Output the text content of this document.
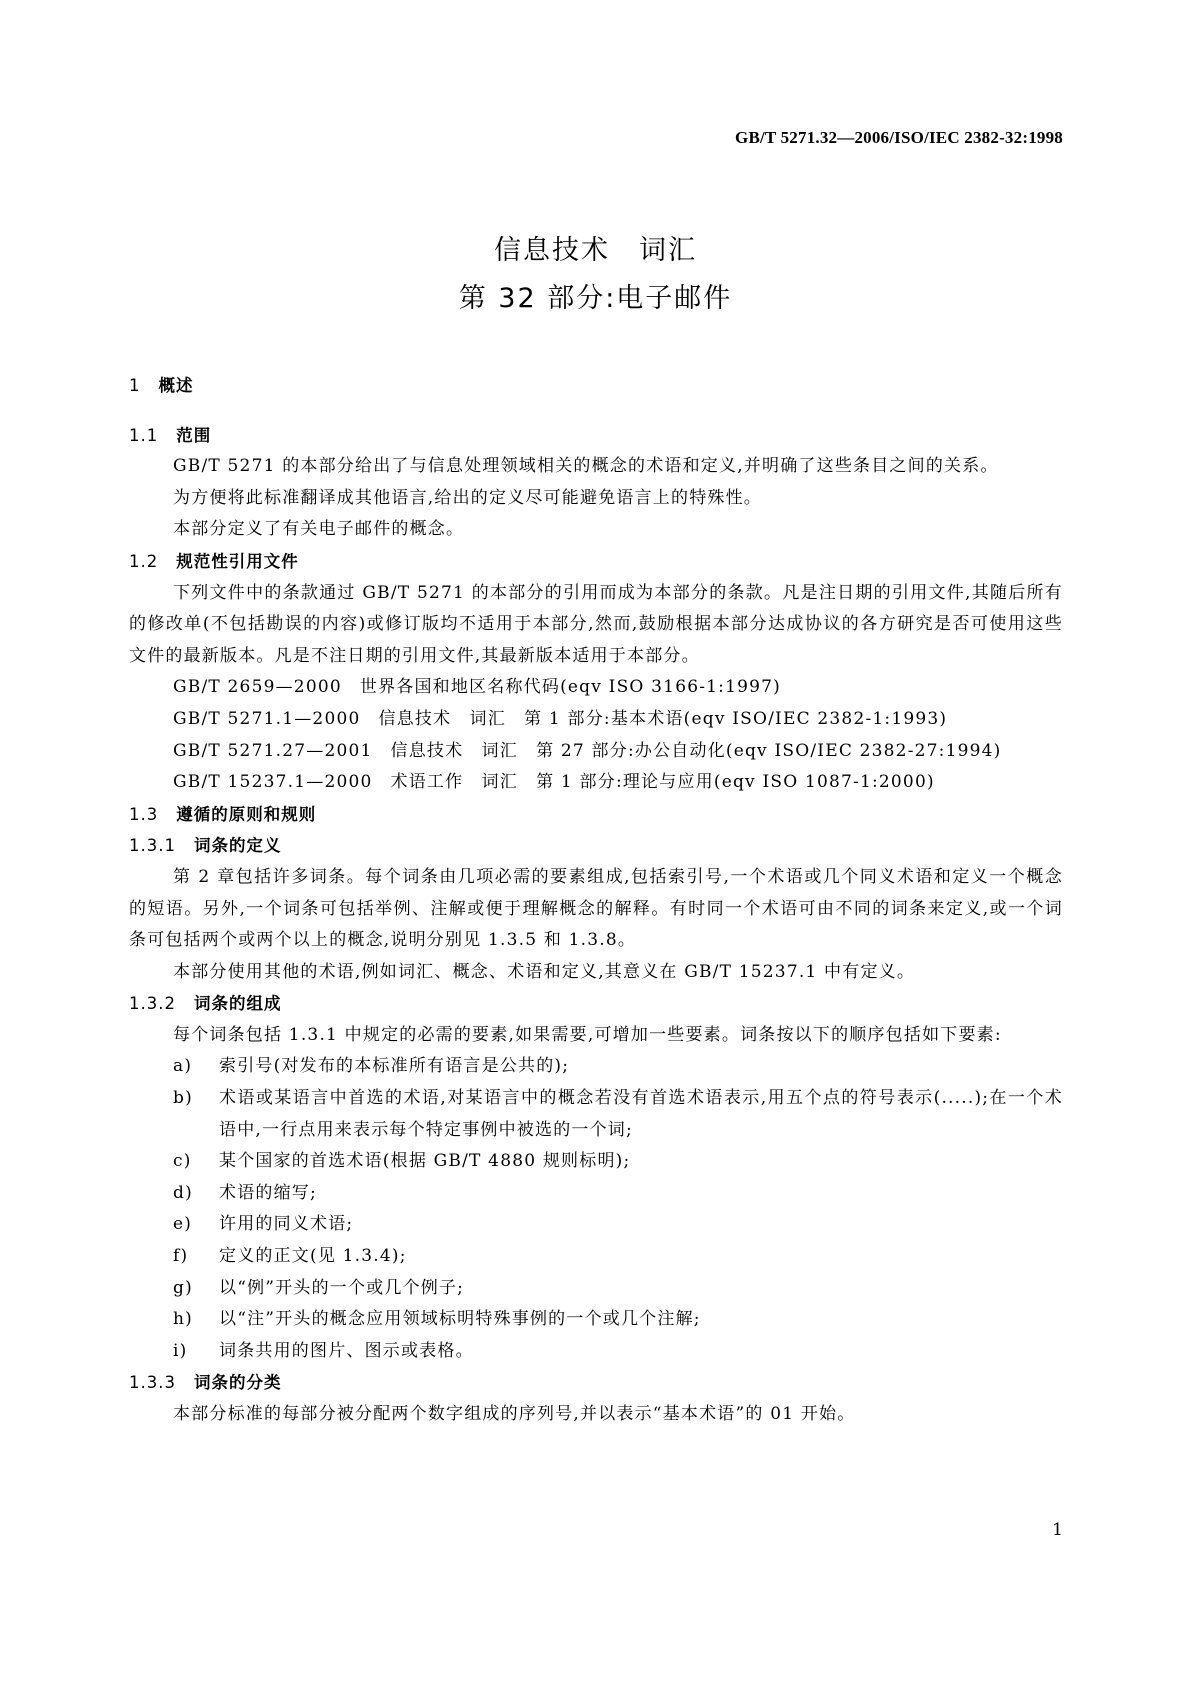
GB/T 5271.32—2006/ISO/IEC 2382-32:1998
信息技术　词汇
第 32 部分:电子邮件
1 概述
1.1 范围
GB/T 5271 的本部分给出了与信息处理领域相关的概念的术语和定义,并明确了这些条目之间的关系。
为方便将此标准翻译成其他语言,给出的定义尽可能避免语言上的特殊性。
本部分定义了有关电子邮件的概念。
1.2 规范性引用文件
下列文件中的条款通过 GB/T 5271 的本部分的引用而成为本部分的条款。凡是注日期的引用文件,其随后所有的修改单(不包括勘误的内容)或修订版均不适用于本部分,然而,鼓励根据本部分达成协议的各方研究是否可使用这些文件的最新版本。凡是不注日期的引用文件,其最新版本适用于本部分。
GB/T 2659—2000 世界各国和地区名称代码(eqv ISO 3166-1:1997)
GB/T 5271.1—2000 信息技术　词汇　第 1 部分:基本术语(eqv ISO/IEC 2382-1:1993)
GB/T 5271.27—2001 信息技术　词汇　第 27 部分:办公自动化(eqv ISO/IEC 2382-27:1994)
GB/T 15237.1—2000 术语工作　词汇　第 1 部分:理论与应用(eqv ISO 1087-1:2000)
1.3 遵循的原则和规则
1.3.1 词条的定义
第 2 章包括许多词条。每个词条由几项必需的要素组成,包括索引号,一个术语或几个同义术语和定义一个概念的短语。另外,一个词条可包括举例、注解或便于理解概念的解释。有时同一个术语可由不同的词条来定义,或一个词条可包括两个或两个以上的概念,说明分别见 1.3.5 和 1.3.8。
本部分使用其他的术语,例如词汇、概念、术语和定义,其意义在 GB/T 15237.1 中有定义。
1.3.2 词条的组成
每个词条包括 1.3.1 中规定的必需的要素,如果需要,可增加一些要素。词条按以下的顺序包括如下要素:
a) 索引号(对发布的本标准所有语言是公共的);
b) 术语或某语言中首选的术语,对某语言中的概念若没有首选术语表示,用五个点的符号表示(.....);在一个术语中,一行点用来表示每个特定事例中被选的一个词;
c) 某个国家的首选术语(根据 GB/T 4880 规则标明);
d) 术语的缩写;
e) 许用的同义术语;
f) 定义的正文(见 1.3.4);
g) 以“例”开头的一个或几个例子;
h) 以“注”开头的概念应用领域标明特殊事例的一个或几个注解;
i) 词条共用的图片、图示或表格。
1.3.3 词条的分类
本部分标准的每部分被分配两个数字组成的序列号,并以表示“基本术语”的 01 开始。
1
